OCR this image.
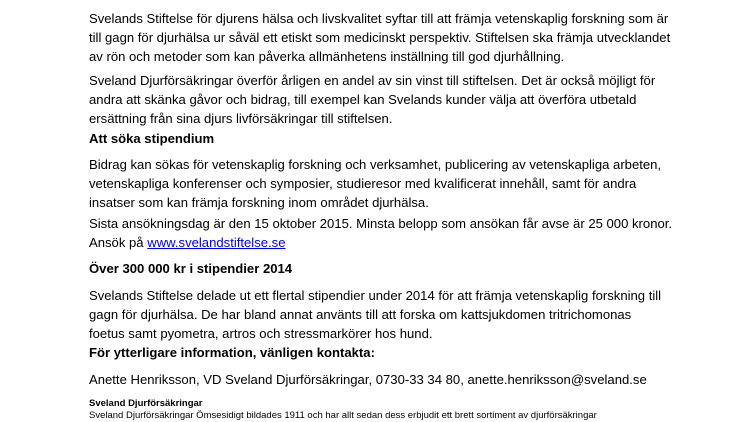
Svelands Stiftelse för djurens hälsa och livskvalitet syftar till att främja vetenskaplig forskning som är
till gagn för djurhälsa ur såväl ett etiskt som medicinskt perspektiv. Stiftelsen ska främja utvecklandet
av rön och metoder som kan påverka allmänhetens inställning till god djurhållning.

Sveland Djurförsäkringar överför årligen en andel av sin vinst till stiftelsen. Det är också möjligt för
andra att skänka gåvor och bidrag, till exempel kan Svelands kunder välja att överföra utbetald
ersättning från sina djurs livförsäkringar till stiftelsen.

Att söka stipendium

Bidrag kan sökas för vetenskaplig forskning och verksamhet, publicering av vetenskapliga arbeten,
vetenskapliga konferenser och symposier, studieresor med kvalificerat innehåll, samt för andra
insatser som kan främja forskning inom området djurhälsa.

Sista ansökningsdag är den 15 oktober 2015. Minsta belopp som ansökan får avse är 25 000 kronor.
Ansök på www.svelandstiftelse.se

Över 300 000 kr i stipendier 2014

Svelands Stiftelse delade ut ett flertal stipendier under 2014 för att främja vetenskaplig forskning till
gagn för djurhälsa. De har bland annat använts till att forska om kattsjukdomen tritrichomonas
foetus samt pyometra, artros och stressmarkörer hos hund.

För ytterligare information, vänligen kontakta:

Anette Henriksson, VD Sveland Djurförsäkringar, 0730-33 34 80, anette.henriksson@sveland.se

Sveland Djurförsäkringar

Sveland Djurförsäkringar Ömsesidigt bildades 1911 och har allt sedan dess erbjudit ett brett sortiment av djurförsäkringar
